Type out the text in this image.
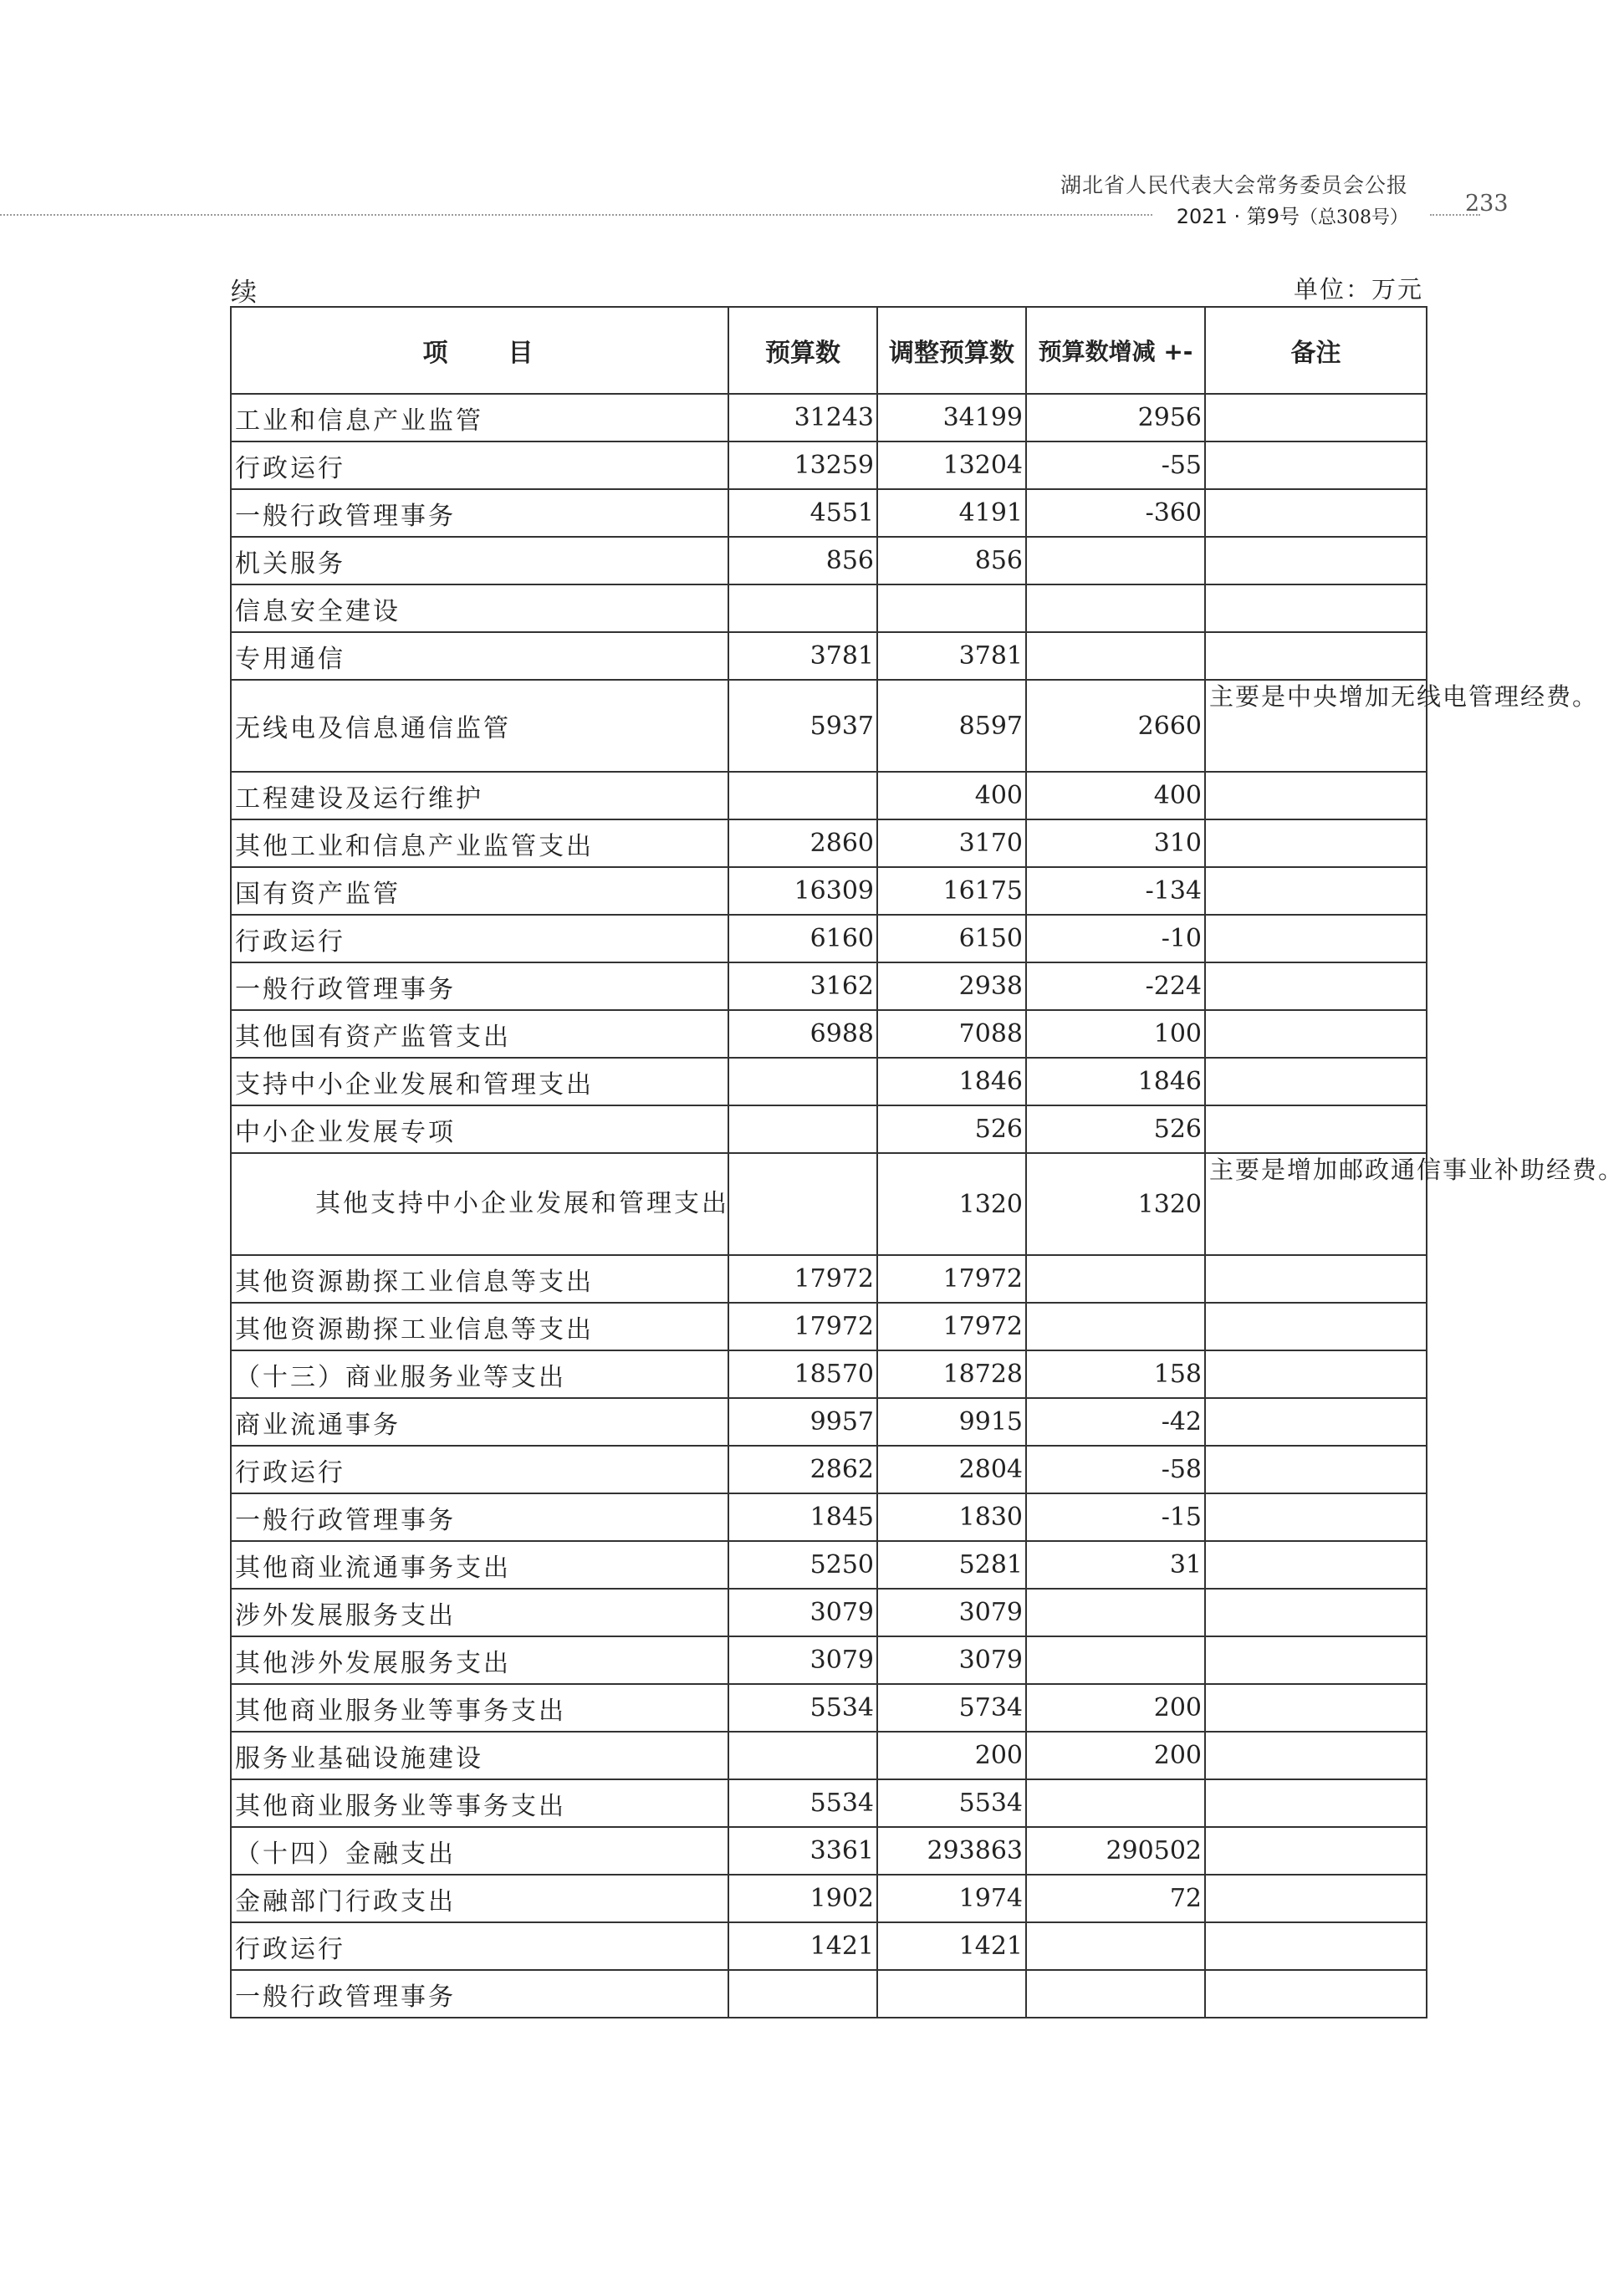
湖北省人民代表大会常务委员会公报
2021 · 第9号（总308号）
233
续	单位：万元
项　　目	预算数	调整预算数	预算数增减 +-	备注
工业和信息产业监管	31243	34199	2956	
行政运行	13259	13204	-55	
一般行政管理事务	4551	4191	-360	
机关服务	856	856		
信息安全建设				
专用通信	3781	3781		
无线电及信息通信监管	5937	8597	2660	主要是中央增加无线电管理经费。
工程建设及运行维护		400	400	
其他工业和信息产业监管支出	2860	3170	310	
国有资产监管	16309	16175	-134	
行政运行	6160	6150	-10	
一般行政管理事务	3162	2938	-224	
其他国有资产监管支出	6988	7088	100	
支持中小企业发展和管理支出		1846	1846	
中小企业发展专项		526	526	

其他支持中小企业发展和管理支出		1320	1320	主要是增加邮政通信事业补助经费。
其他资源勘探工业信息等支出	17972	17972		
其他资源勘探工业信息等支出	17972	17972		
（十三）商业服务业等支出	18570	18728	158	
商业流通事务	9957	9915	-42	
行政运行	2862	2804	-58	
一般行政管理事务	1845	1830	-15	
其他商业流通事务支出	5250	5281	31	
涉外发展服务支出	3079	3079		
其他涉外发展服务支出	3079	3079		
其他商业服务业等事务支出	5534	5734	200	
服务业基础设施建设		200	200	
其他商业服务业等事务支出	5534	5534		
（十四）金融支出	3361	293863	290502	
金融部门行政支出	1902	1974	72	
行政运行	1421	1421		
一般行政管理事务				
